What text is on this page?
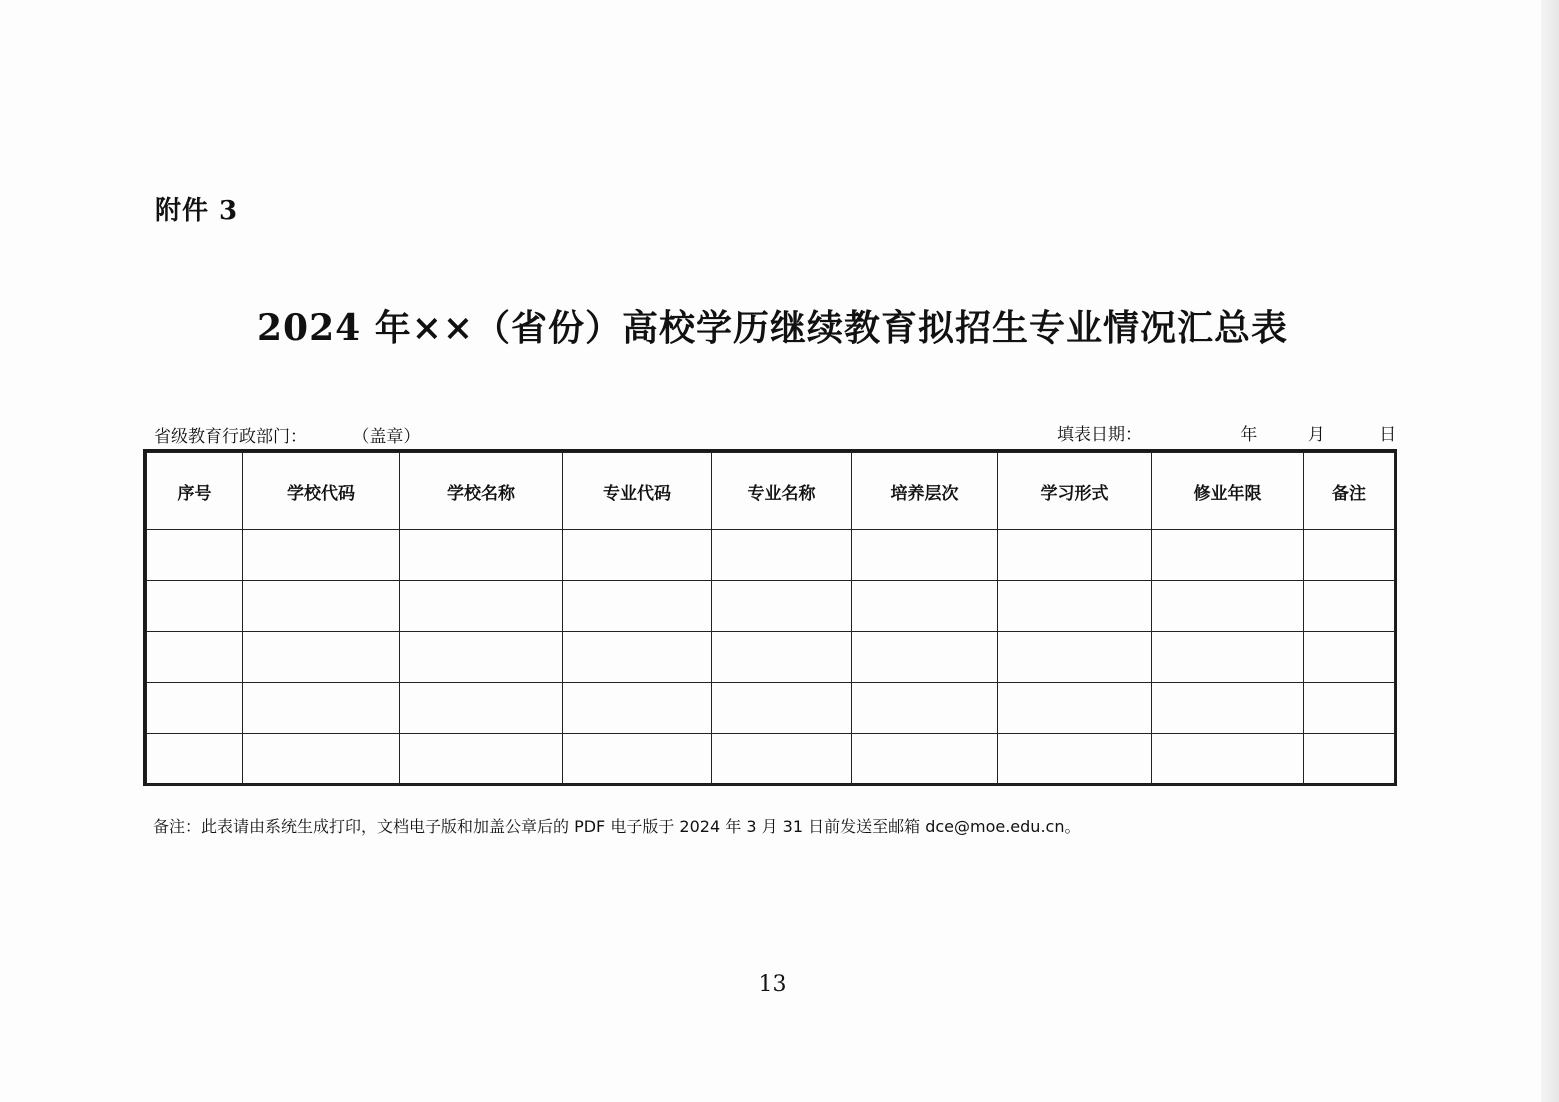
附件 3
2024 年××（省份）高校学历继续教育拟招生专业情况汇总表
省级教育行政部门：	（盖章）	填表日期：	年	月	日
序号	学校代码	学校名称	专业代码	专业名称	培养层次	学习形式	修业年限	备注

备注：此表请由系统生成打印，文档电子版和加盖公章后的 PDF 电子版于 2024 年 3 月 31 日前发送至邮箱 dce@moe.edu.cn。
13
